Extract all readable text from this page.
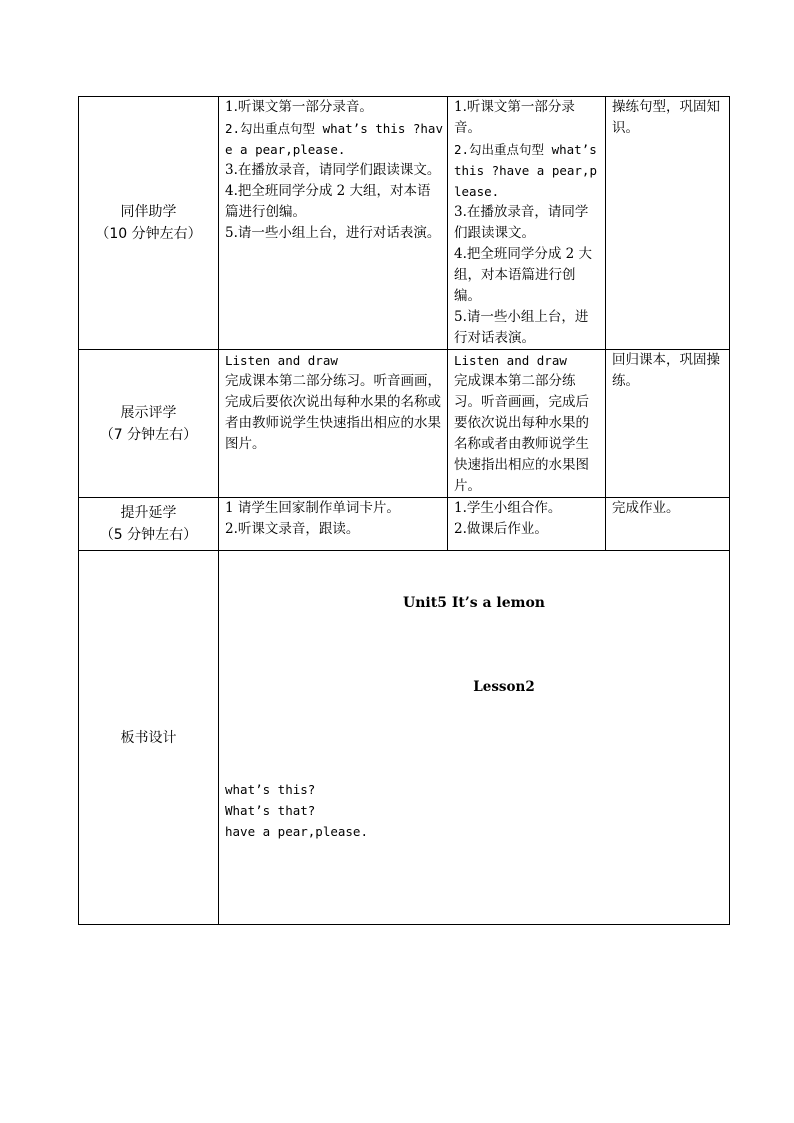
同伴助学
（10 分钟左右）	1.听课文第一部分录音。
2.勾出重点句型 what’s this ?have a pear,please.
3.在播放录音，请同学们跟读课文。
4.把全班同学分成 2 大组，对本语篇进行创编。
5.请一些小组上台，进行对话表演。	1.听课文第一部分录音。
2.勾出重点句型 what’s this ?have a pear,please.
3.在播放录音，请同学们跟读课文。
4.把全班同学分成 2 大组，对本语篇进行创编。
5.请一些小组上台，进行对话表演。	操练句型，巩固知识。

展示评学
（7 分钟左右）	Listen and draw
完成课本第二部分练习。听音画画，完成后要依次说出每种水果的名称或者由教师说学生快速指出相应的水果图片。	Listen and draw
完成课本第二部分练习。听音画画，完成后要依次说出每种水果的名称或者由教师说学生快速指出相应的水果图片。	回归课本，巩固操练。

提升延学
（5 分钟左右）	1 请学生回家制作单词卡片。
2.听课文录音，跟读。	1.学生小组合作。
2.做课后作业。	完成作业。

板书设计	Unit5 It’s a lemon
Lesson2
what’s this?
What’s that?
have a pear,please.		
